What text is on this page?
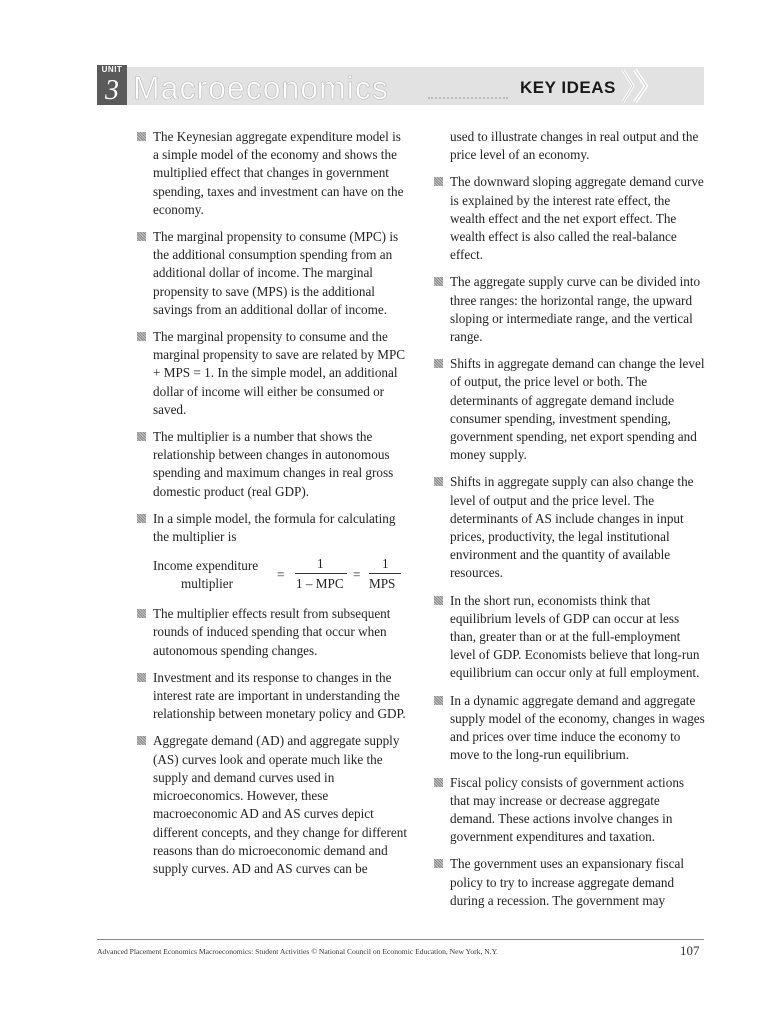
UNIT
3 Macroeconomics	KEY IDEAS

The Keynesian aggregate expenditure model is a simple model of the economy and shows the multiplied effect that changes in government spending, taxes and investment can have on the economy.

The marginal propensity to consume (MPC) is the additional consumption spending from an additional dollar of income. The marginal propensity to save (MPS) is the additional savings from an additional dollar of income.

The marginal propensity to consume and the marginal propensity to save are related by MPC + MPS = 1. In the simple model, an additional dollar of income will either be consumed or saved.

The multiplier is a number that shows the relationship between changes in autonomous spending and maximum changes in real gross domestic product (real GDP).

In a simple model, the formula for calculating the multiplier is

Income expenditure
multiplier
=
1
1 – MPC
=
1
MPS

The multiplier effects result from subsequent rounds of induced spending that occur when autonomous spending changes.

Investment and its response to changes in the interest rate are important in understanding the relationship between monetary policy and GDP.

Aggregate demand (AD) and aggregate supply (AS) curves look and operate much like the supply and demand curves used in microeconomics. However, these macroeconomic AD and AS curves depict different concepts, and they change for different reasons than do microeconomic demand and supply curves. AD and AS curves can be

used to illustrate changes in real output and the price level of an economy.

The downward sloping aggregate demand curve is explained by the interest rate effect, the wealth effect and the net export effect. The wealth effect is also called the real-balance effect.

The aggregate supply curve can be divided into three ranges: the horizontal range, the upward sloping or intermediate range, and the vertical range.

Shifts in aggregate demand can change the level of output, the price level or both. The determinants of aggregate demand include consumer spending, investment spending, government spending, net export spending and money supply.

Shifts in aggregate supply can also change the level of output and the price level. The determinants of AS include changes in input prices, productivity, the legal institutional environment and the quantity of available resources.

In the short run, economists think that equilibrium levels of GDP can occur at less than, greater than or at the full-employment level of GDP. Economists believe that long-run equilibrium can occur only at full employment.

In a dynamic aggregate demand and aggregate supply model of the economy, changes in wages and prices over time induce the economy to move to the long-run equilibrium.

Fiscal policy consists of government actions that may increase or decrease aggregate demand. These actions involve changes in government expenditures and taxation.

The government uses an expansionary fiscal policy to try to increase aggregate demand during a recession. The government may

Advanced Placement Economics Macroeconomics: Student Activities © National Council on Economic Education, New York, N.Y.	107
